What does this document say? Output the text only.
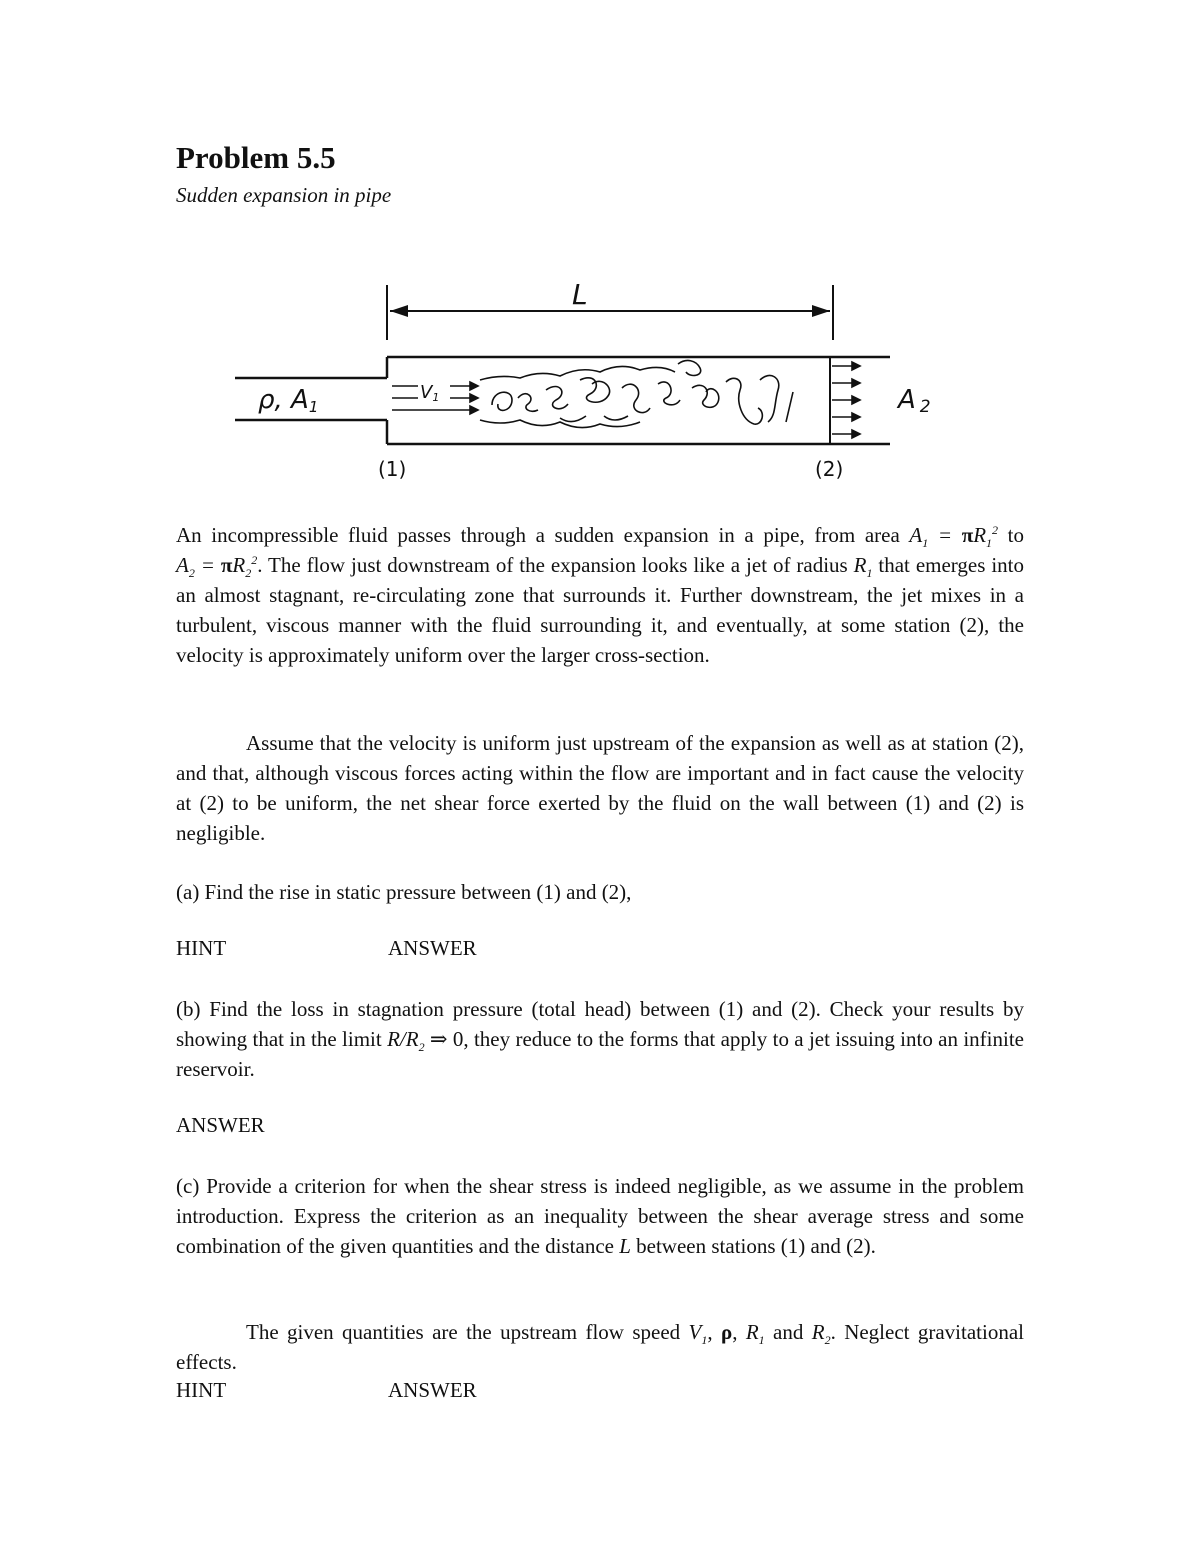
Problem 5.5

Sudden expansion in pipe

L
V1
ρ, A1	A 2
(1)	(2)

An incompressible fluid passes through a sudden expansion in a pipe, from area $A_1 = \pi R_1^2$ to $A_2 = \pi R_2^2$. The flow just downstream of the expansion looks like a jet of radius $R_1$ that emerges into an almost stagnant, re-circulating zone that surrounds it. Further downstream, the jet mixes in a turbulent, viscous manner with the fluid surrounding it, and eventually, at some station (2), the velocity is approximately uniform over the larger cross-section.

Assume that the velocity is uniform just upstream of the expansion as well as at station (2), and that, although viscous forces acting within the flow are important and in fact cause the velocity at (2) to be uniform, the net shear force exerted by the fluid on the wall between (1) and (2) is negligible.

(a) Find the rise in static pressure between (1) and (2),

HINT	ANSWER

(b) Find the loss in stagnation pressure (total head) between (1) and (2). Check your results by showing that in the limit $R/R_2$ ⇒ 0, they reduce to the forms that apply to a jet issuing into an infinite reservoir.

ANSWER

(c) Provide a criterion for when the shear stress is indeed negligible, as we assume in the problem introduction. Express the criterion as an inequality between the shear average stress and some combination of the given quantities and the distance L between stations (1) and (2).

The given quantities are the upstream flow speed $V_1$, ρ, $R_1$ and $R_2$. Neglect gravitational effects.

HINT	ANSWER
